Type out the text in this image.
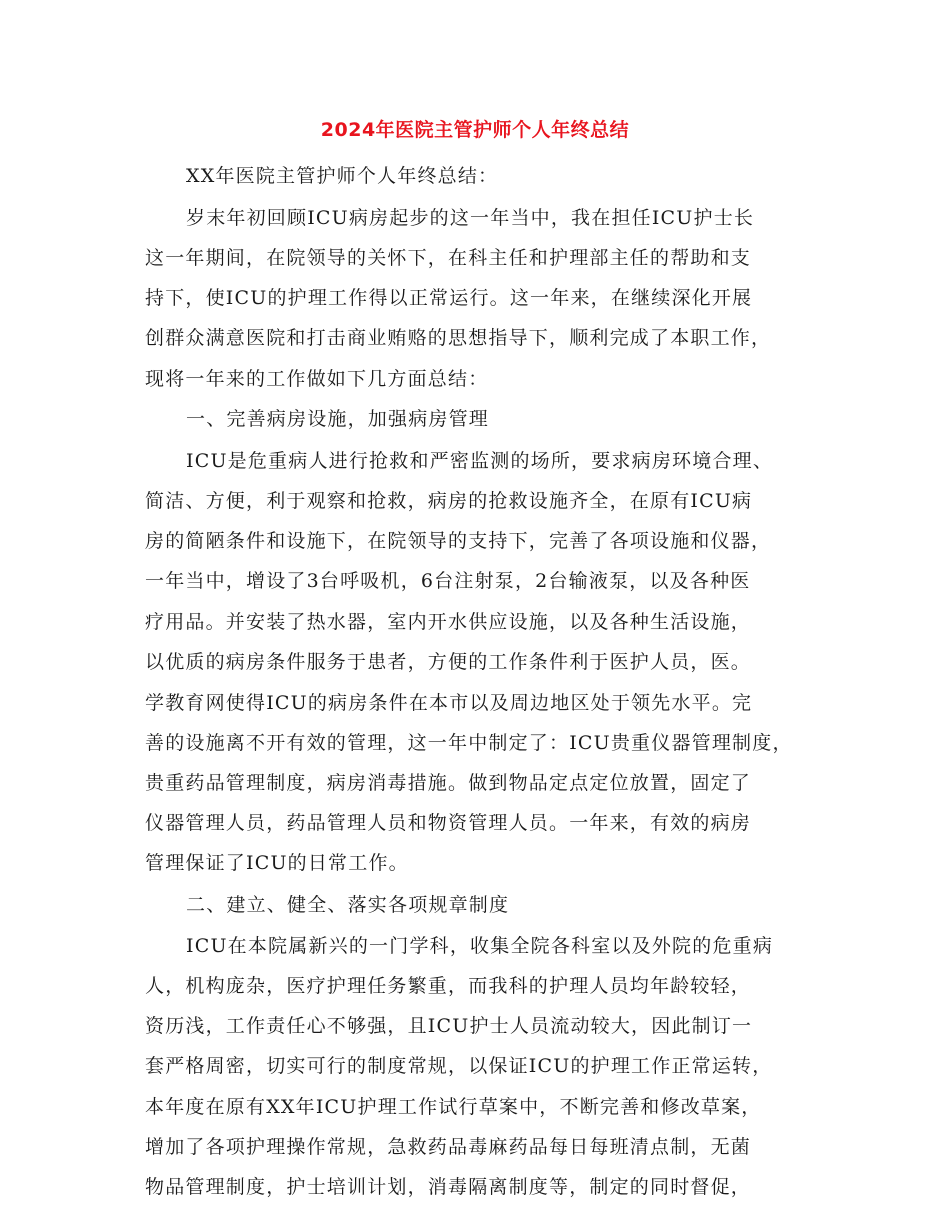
2024年医院主管护师个人年终总结
XX年医院主管护师个人年终总结：
岁末年初回顾ICU病房起步的这一年当中，我在担任ICU护士长
这一年期间，在院领导的关怀下，在科主任和护理部主任的帮助和支
持下，使ICU的护理工作得以正常运行。这一年来，在继续深化开展
创群众满意医院和打击商业贿赂的思想指导下，顺利完成了本职工作，
现将一年来的工作做如下几方面总结：
一、完善病房设施，加强病房管理
ICU是危重病人进行抢救和严密监测的场所，要求病房环境合理、
简洁、方便，利于观察和抢救，病房的抢救设施齐全，在原有ICU病
房的简陋条件和设施下，在院领导的支持下，完善了各项设施和仪器，
一年当中，增设了3台呼吸机，6台注射泵，2台输液泵，以及各种医
疗用品。并安装了热水器，室内开水供应设施，以及各种生活设施，
以优质的病房条件服务于患者，方便的工作条件利于医护人员，医。
学教育网使得ICU的病房条件在本市以及周边地区处于领先水平。完
善的设施离不开有效的管理，这一年中制定了：ICU贵重仪器管理制度，
贵重药品管理制度，病房消毒措施。做到物品定点定位放置，固定了
仪器管理人员，药品管理人员和物资管理人员。一年来，有效的病房
管理保证了ICU的日常工作。
二、建立、健全、落实各项规章制度
ICU在本院属新兴的一门学科，收集全院各科室以及外院的危重病
人，机构庞杂，医疗护理任务繁重，而我科的护理人员均年龄较轻，
资历浅，工作责任心不够强，且ICU护士人员流动较大，因此制订一
套严格周密，切实可行的制度常规，以保证ICU的护理工作正常运转，
本年度在原有XX年ICU护理工作试行草案中，不断完善和修改草案，
增加了各项护理操作常规，急救药品毒麻药品每日每班清点制，无菌
物品管理制度，护士培训计划，消毒隔离制度等，制定的同时督促，
